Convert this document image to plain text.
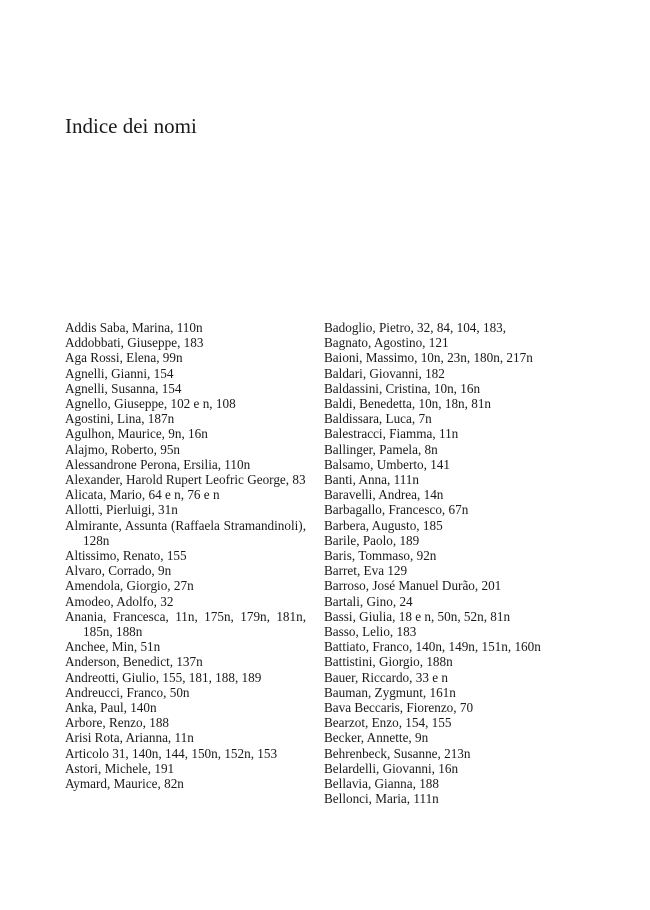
Indice dei nomi
Addis Saba, Marina, 110n
Addobbati, Giuseppe, 183
Aga Rossi, Elena, 99n
Agnelli, Gianni, 154
Agnelli, Susanna, 154
Agnello, Giuseppe, 102 e n, 108
Agostini, Lina, 187n
Agulhon, Maurice, 9n, 16n
Alajmo, Roberto, 95n
Alessandrone Perona, Ersilia, 110n
Alexander, Harold Rupert Leofric George, 83
Alicata, Mario, 64 e n, 76 e n
Allotti, Pierluigi, 31n
Almirante, Assunta (Raffaela Stramandinoli), 128n
Altissimo, Renato, 155
Alvaro, Corrado, 9n
Amendola, Giorgio, 27n
Amodeo, Adolfo, 32
Anania, Francesca, 11n, 175n, 179n, 181n, 185n, 188n
Anchee, Min, 51n
Anderson, Benedict, 137n
Andreotti, Giulio, 155, 181, 188, 189
Andreucci, Franco, 50n
Anka, Paul, 140n
Arbore, Renzo, 188
Arisi Rota, Arianna, 11n
Articolo 31, 140n, 144, 150n, 152n, 153
Astori, Michele, 191
Aymard, Maurice, 82n
Badoglio, Pietro, 32, 84, 104, 183,
Bagnato, Agostino, 121
Baioni, Massimo, 10n, 23n, 180n, 217n
Baldari, Giovanni, 182
Baldassini, Cristina, 10n, 16n
Baldi, Benedetta, 10n, 18n, 81n
Baldissara, Luca, 7n
Balestracci, Fiamma, 11n
Ballinger, Pamela, 8n
Balsamo, Umberto, 141
Banti, Anna, 111n
Baravelli, Andrea, 14n
Barbagallo, Francesco, 67n
Barbera, Augusto, 185
Barile, Paolo, 189
Baris, Tommaso, 92n
Barret, Eva 129
Barroso, José Manuel Durão, 201
Bartali, Gino, 24
Bassi, Giulia, 18 e n, 50n, 52n, 81n
Basso, Lelio, 183
Battiato, Franco, 140n, 149n, 151n, 160n
Battistini, Giorgio, 188n
Bauer, Riccardo, 33 e n
Bauman, Zygmunt, 161n
Bava Beccaris, Fiorenzo, 70
Bearzot, Enzo, 154, 155
Becker, Annette, 9n
Behrenbeck, Susanne, 213n
Belardelli, Giovanni, 16n
Bellavia, Gianna, 188
Bellonci, Maria, 111n
